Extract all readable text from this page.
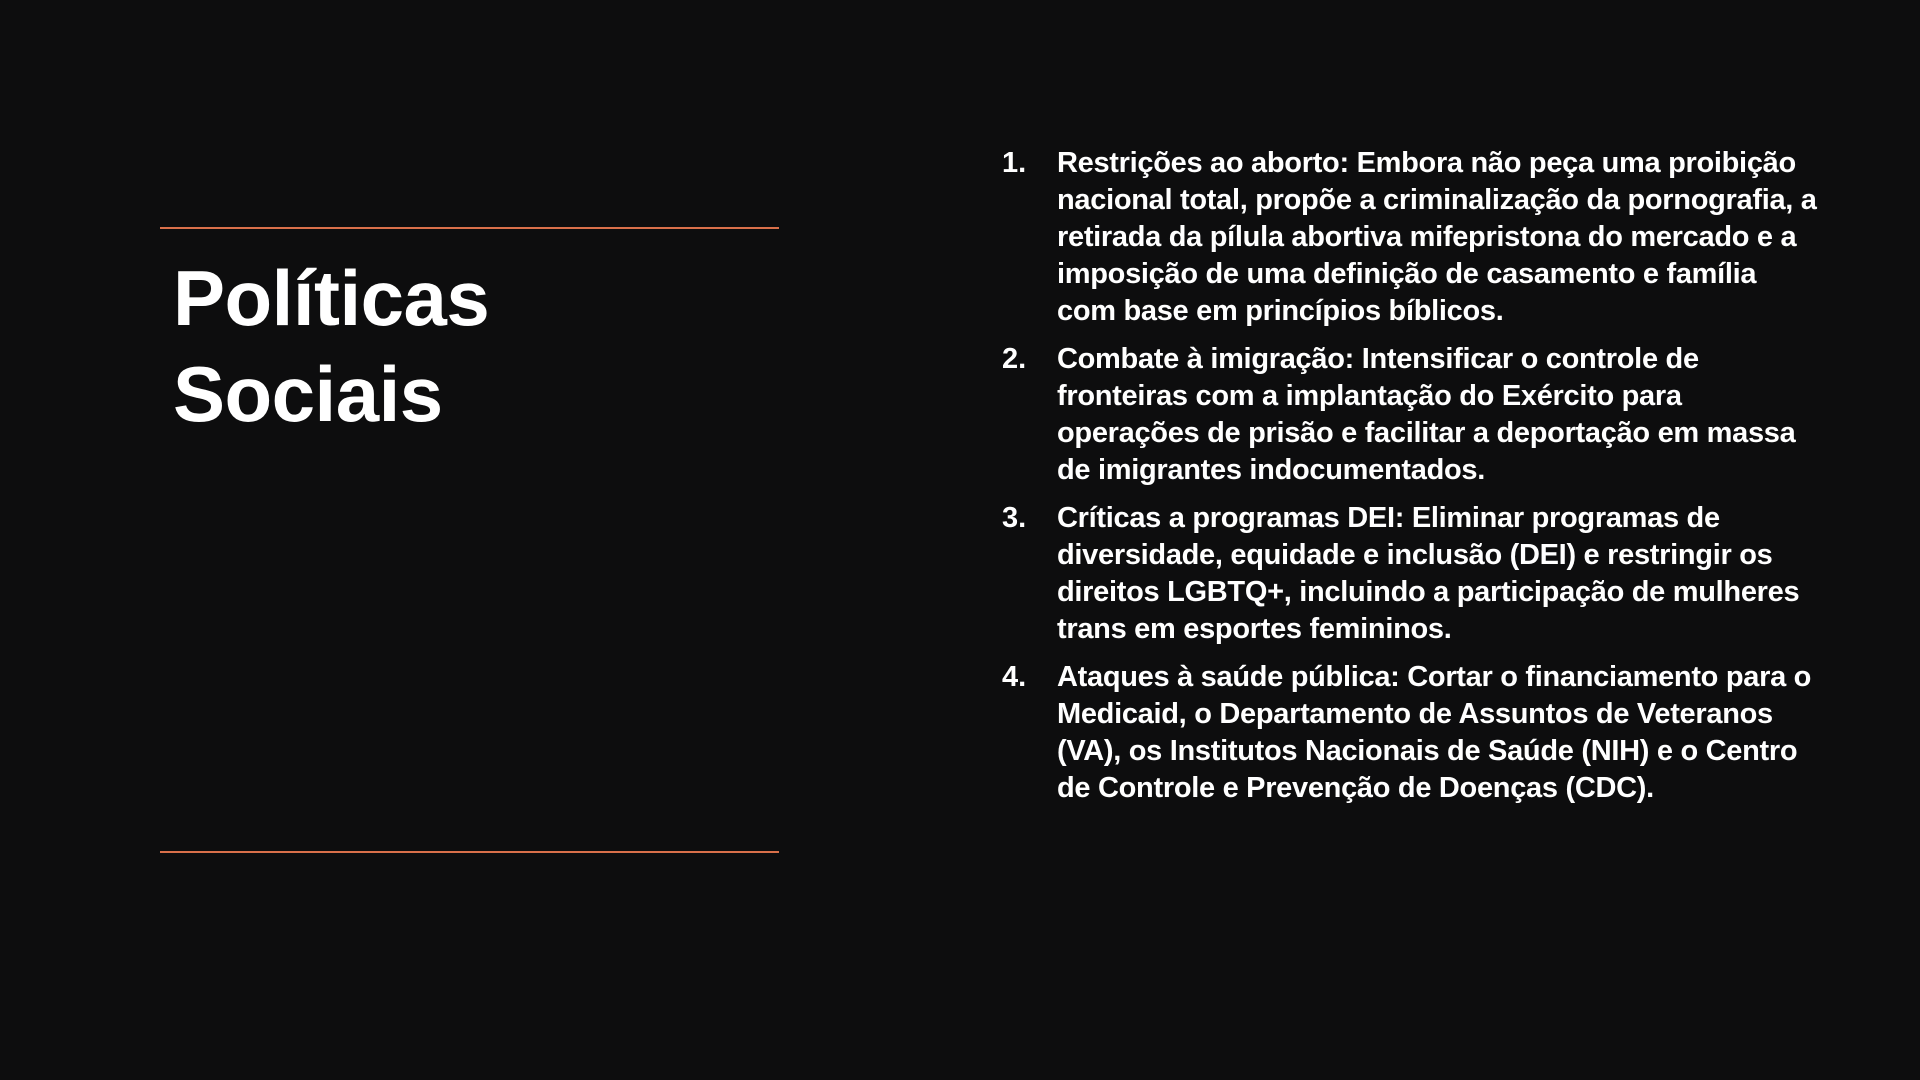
Políticas
Sociais
1.	Restrições ao aborto: Embora não peça uma proibição nacional total, propõe a criminalização da pornografia, a retirada da pílula abortiva mifepristona do mercado e a imposição de uma definição de casamento e família com base em princípios bíblicos.
2.	Combate à imigração: Intensificar o controle de fronteiras com a implantação do Exército para operações de prisão e facilitar a deportação em massa de imigrantes indocumentados.
3.	Críticas a programas DEI: Eliminar programas de diversidade, equidade e inclusão (DEI) e restringir os direitos LGBTQ+, incluindo a participação de mulheres trans em esportes femininos.
4.	Ataques à saúde pública: Cortar o financiamento para o Medicaid, o Departamento de Assuntos de Veteranos (VA), os Institutos Nacionais de Saúde (NIH) e o Centro de Controle e Prevenção de Doenças (CDC).
